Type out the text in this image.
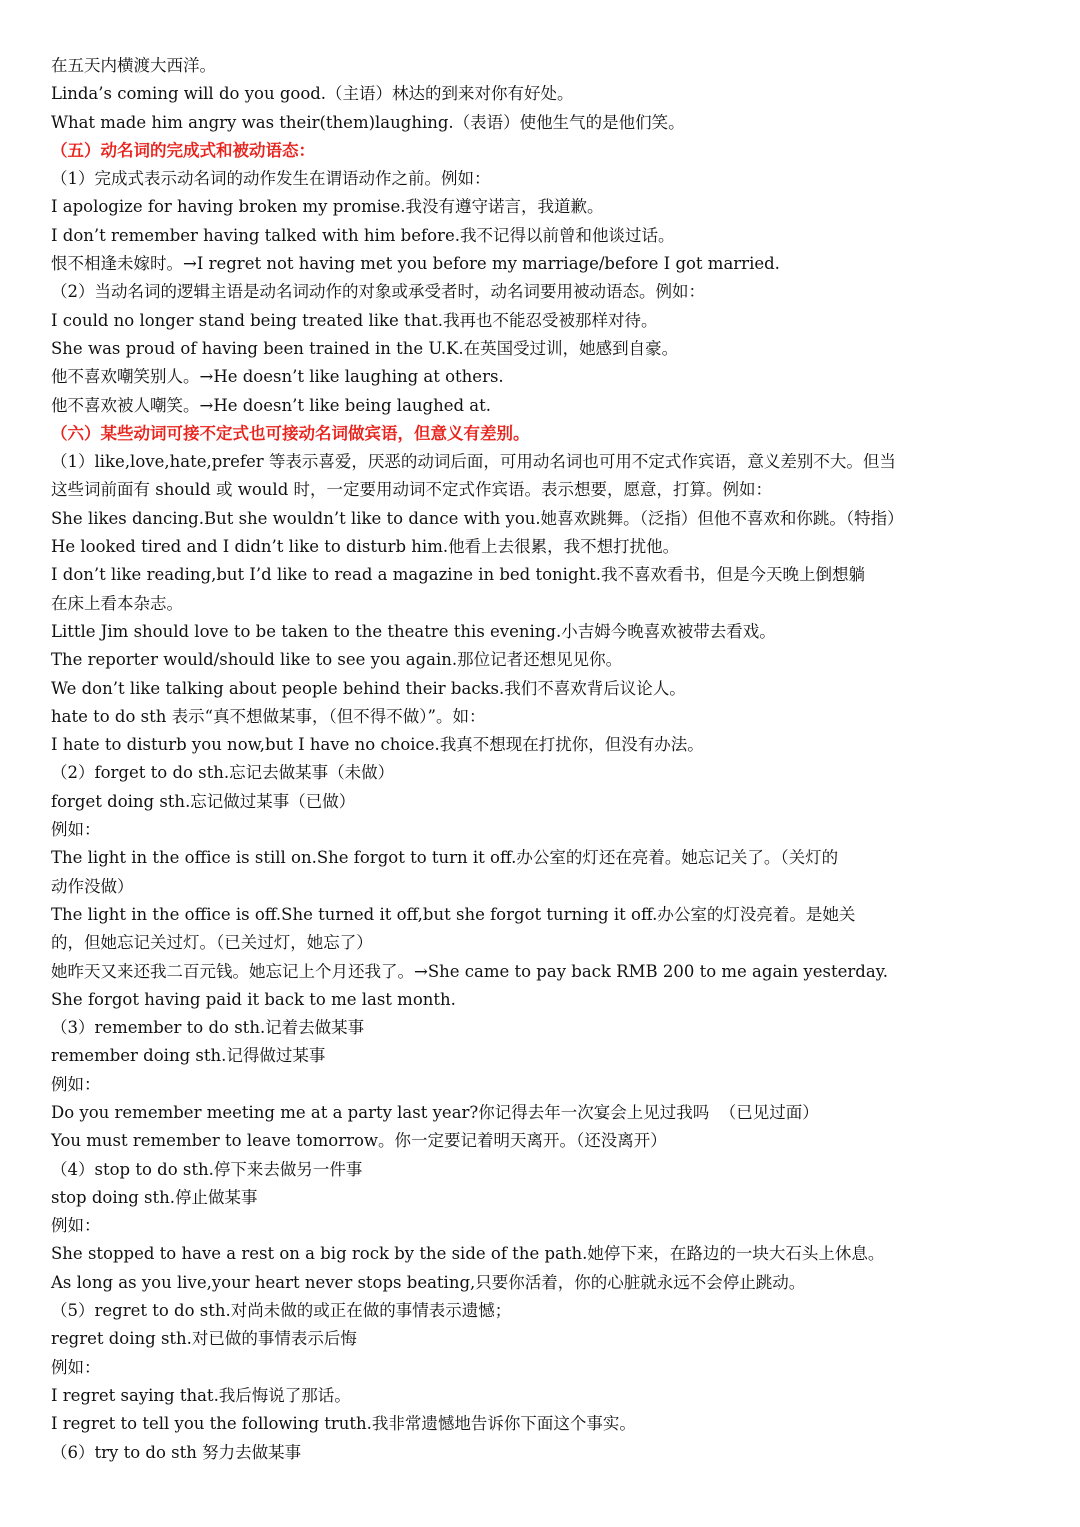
在五天内横渡大西洋。
Linda’s coming will do you good.（主语）林达的到来对你有好处。
What made him angry was their(them)laughing.（表语）使他生气的是他们笑。
（五）动名词的完成式和被动语态：
（1）完成式表示动名词的动作发生在谓语动作之前。例如：
I apologize for having broken my promise.我没有遵守诺言，我道歉。
I don’t remember having talked with him before.我不记得以前曾和他谈过话。
恨不相逢未嫁时。→I regret not having met you before my marriage/before I got married.
（2）当动名词的逻辑主语是动名词动作的对象或承受者时，动名词要用被动语态。例如：
I could no longer stand being treated like that.我再也不能忍受被那样对待。
She was proud of having been trained in the U.K.在英国受过训，她感到自豪。
他不喜欢嘲笑别人。→He doesn’t like laughing at others.
他不喜欢被人嘲笑。→He doesn’t like being laughed at.
（六）某些动词可接不定式也可接动名词做宾语，但意义有差别。
（1）like,love,hate,prefer 等表示喜爱，厌恶的动词后面，可用动名词也可用不定式作宾语，意义差别不大。但当
这些词前面有 should 或 would 时，一定要用动词不定式作宾语。表示想要，愿意，打算。例如：
She likes dancing.But she wouldn’t like to dance with you.她喜欢跳舞。（泛指）但他不喜欢和你跳。（特指）
He looked tired and I didn’t like to disturb him.他看上去很累，我不想打扰他。
I don’t like reading,but I’d like to read a magazine in bed tonight.我不喜欢看书，但是今天晚上倒想躺
在床上看本杂志。
Little Jim should love to be taken to the theatre this evening.小吉姆今晚喜欢被带去看戏。
The reporter would/should like to see you again.那位记者还想见见你。
We don’t like talking about people behind their backs.我们不喜欢背后议论人。
hate to do sth 表示“真不想做某事，（但不得不做）”。如：
I hate to disturb you now,but I have no choice.我真不想现在打扰你，但没有办法。
（2）forget to do sth.忘记去做某事（未做）
forget doing sth.忘记做过某事（已做）
例如：
The light in the office is still on.She forgot to turn it off.办公室的灯还在亮着。她忘记关了。（关灯的
动作没做）
The light in the office is off.She turned it off,but she forgot turning it off.办公室的灯没亮着。是她关
的，但她忘记关过灯。（已关过灯，她忘了）
她昨天又来还我二百元钱。她忘记上个月还我了。→She came to pay back RMB 200 to me again yesterday.
She forgot having paid it back to me last month.
（3）remember to do sth.记着去做某事
remember doing sth.记得做过某事
例如：
Do you remember meeting me at a party last year?你记得去年一次宴会上见过我吗  （已见过面）
You must remember to leave tomorrow。你一定要记着明天离开。（还没离开）
（4）stop to do sth.停下来去做另一件事
stop doing sth.停止做某事
例如：
She stopped to have a rest on a big rock by the side of the path.她停下来，在路边的一块大石头上休息。
As long as you live,your heart never stops beating,只要你活着，你的心脏就永远不会停止跳动。
（5）regret to do sth.对尚未做的或正在做的事情表示遗憾；
regret doing sth.对已做的事情表示后悔
例如：
I regret saying that.我后悔说了那话。
I regret to tell you the following truth.我非常遗憾地告诉你下面这个事实。
（6）try to do sth 努力去做某事
